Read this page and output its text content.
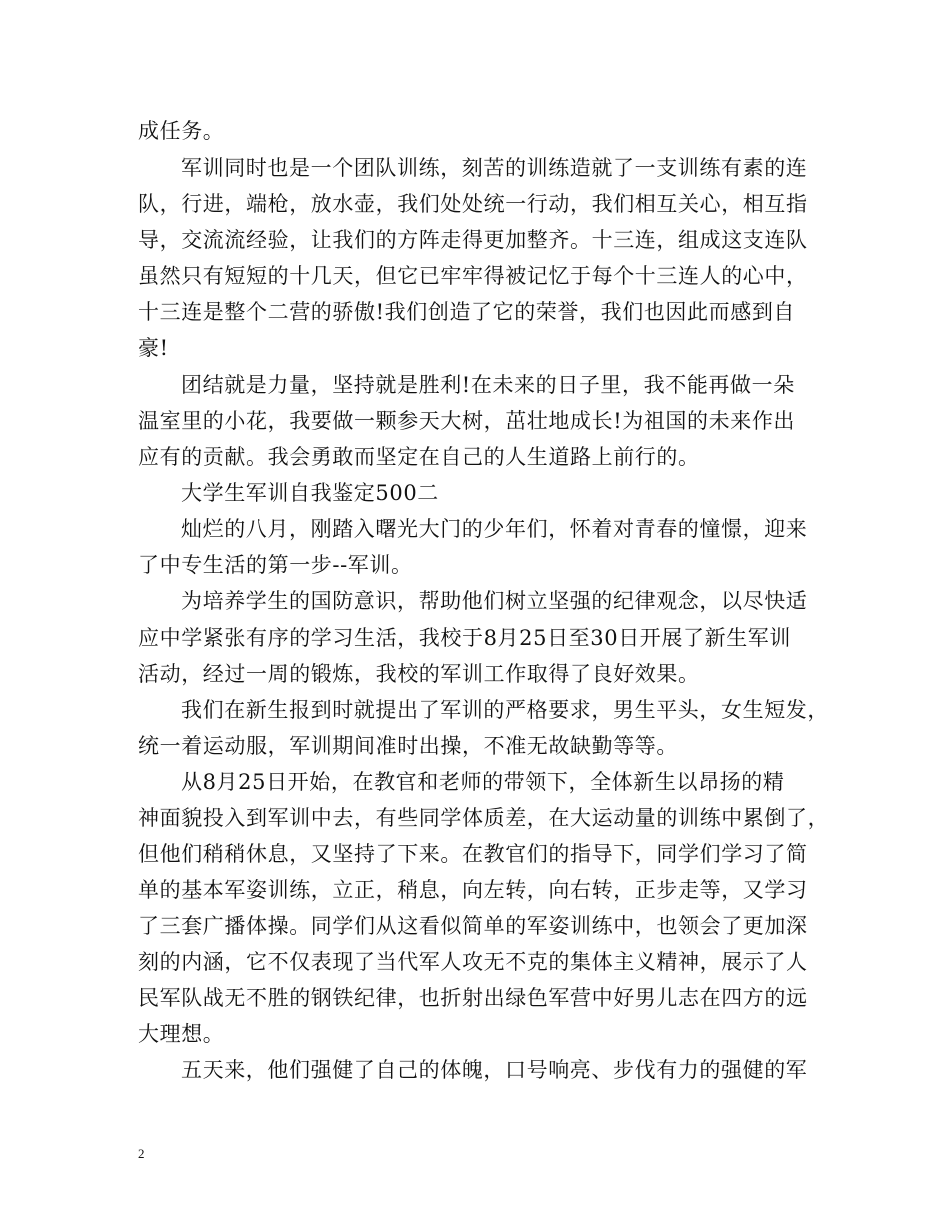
成任务。
军训同时也是一个团队训练，刻苦的训练造就了一支训练有素的连
队，行进，端枪，放水壶，我们处处统一行动，我们相互关心，相互指
导，交流流经验，让我们的方阵走得更加整齐。十三连，组成这支连队
虽然只有短短的十几天，但它已牢牢得被记忆于每个十三连人的心中，
十三连是整个二营的骄傲!我们创造了它的荣誉，我们也因此而感到自
豪!
团结就是力量，坚持就是胜利!在未来的日子里，我不能再做一朵
温室里的小花，我要做一颗参天大树，茁壮地成长!为祖国的未来作出
应有的贡献。我会勇敢而坚定在自己的人生道路上前行的。
大学生军训自我鉴定500二
灿烂的八月，刚踏入曙光大门的少年们，怀着对青春的憧憬，迎来
了中专生活的第一步--军训。
为培养学生的国防意识，帮助他们树立坚强的纪律观念，以尽快适
应中学紧张有序的学习生活，我校于8月25日至30日开展了新生军训
活动，经过一周的锻炼，我校的军训工作取得了良好效果。
我们在新生报到时就提出了军训的严格要求，男生平头，女生短发，
统一着运动服，军训期间准时出操，不准无故缺勤等等。
从8月25日开始，在教官和老师的带领下，全体新生以昂扬的精
神面貌投入到军训中去，有些同学体质差，在大运动量的训练中累倒了，
但他们稍稍休息，又坚持了下来。在教官们的指导下，同学们学习了简
单的基本军姿训练，立正，稍息，向左转，向右转，正步走等，又学习
了三套广播体操。同学们从这看似简单的军姿训练中，也领会了更加深
刻的内涵，它不仅表现了当代军人攻无不克的集体主义精神，展示了人
民军队战无不胜的钢铁纪律，也折射出绿色军营中好男儿志在四方的远
大理想。
五天来，他们强健了自己的体魄，口号响亮、步伐有力的强健的军
2
